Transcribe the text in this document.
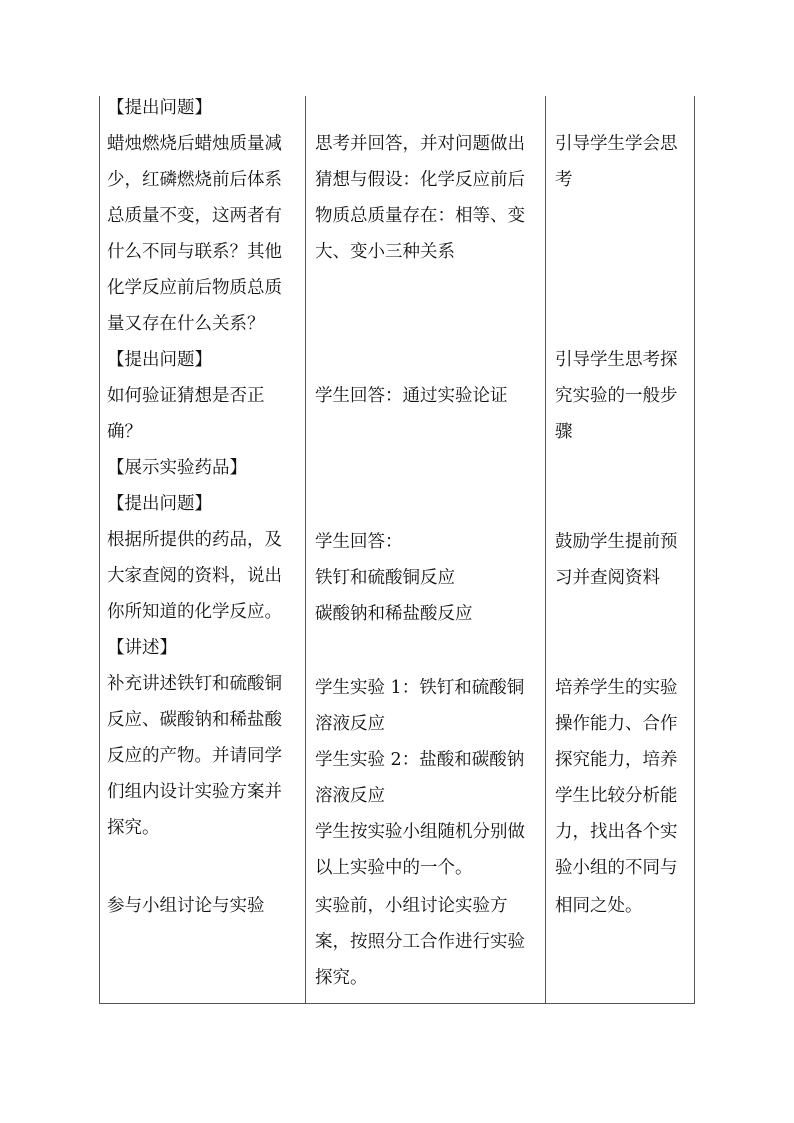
【提出问题】
蜡烛燃烧后蜡烛质量减
少，红磷燃烧前后体系
总质量不变，这两者有
什么不同与联系？其他
化学反应前后物质总质
量又存在什么关系？
【提出问题】
如何验证猜想是否正
确？
【展示实验药品】
【提出问题】
根据所提供的药品，及
大家查阅的资料，说出
你所知道的化学反应。
【讲述】
补充讲述铁钉和硫酸铜
反应、碳酸钠和稀盐酸
反应的产物。并请同学
们组内设计实验方案并
探究。
参与小组讨论与实验
思考并回答，并对问题做出
猜想与假设：化学反应前后
物质总质量存在：相等、变
大、变小三种关系
学生回答：通过实验论证
学生回答：
铁钉和硫酸铜反应
碳酸钠和稀盐酸反应
学生实验 1：铁钉和硫酸铜
溶液反应
学生实验 2：盐酸和碳酸钠
溶液反应
学生按实验小组随机分别做
以上实验中的一个。
实验前，小组讨论实验方
案，按照分工合作进行实验
探究。
引导学生学会思
考
引导学生思考探
究实验的一般步
骤
鼓励学生提前预
习并查阅资料
培养学生的实验
操作能力、合作
探究能力，培养
学生比较分析能
力，找出各个实
验小组的不同与
相同之处。
